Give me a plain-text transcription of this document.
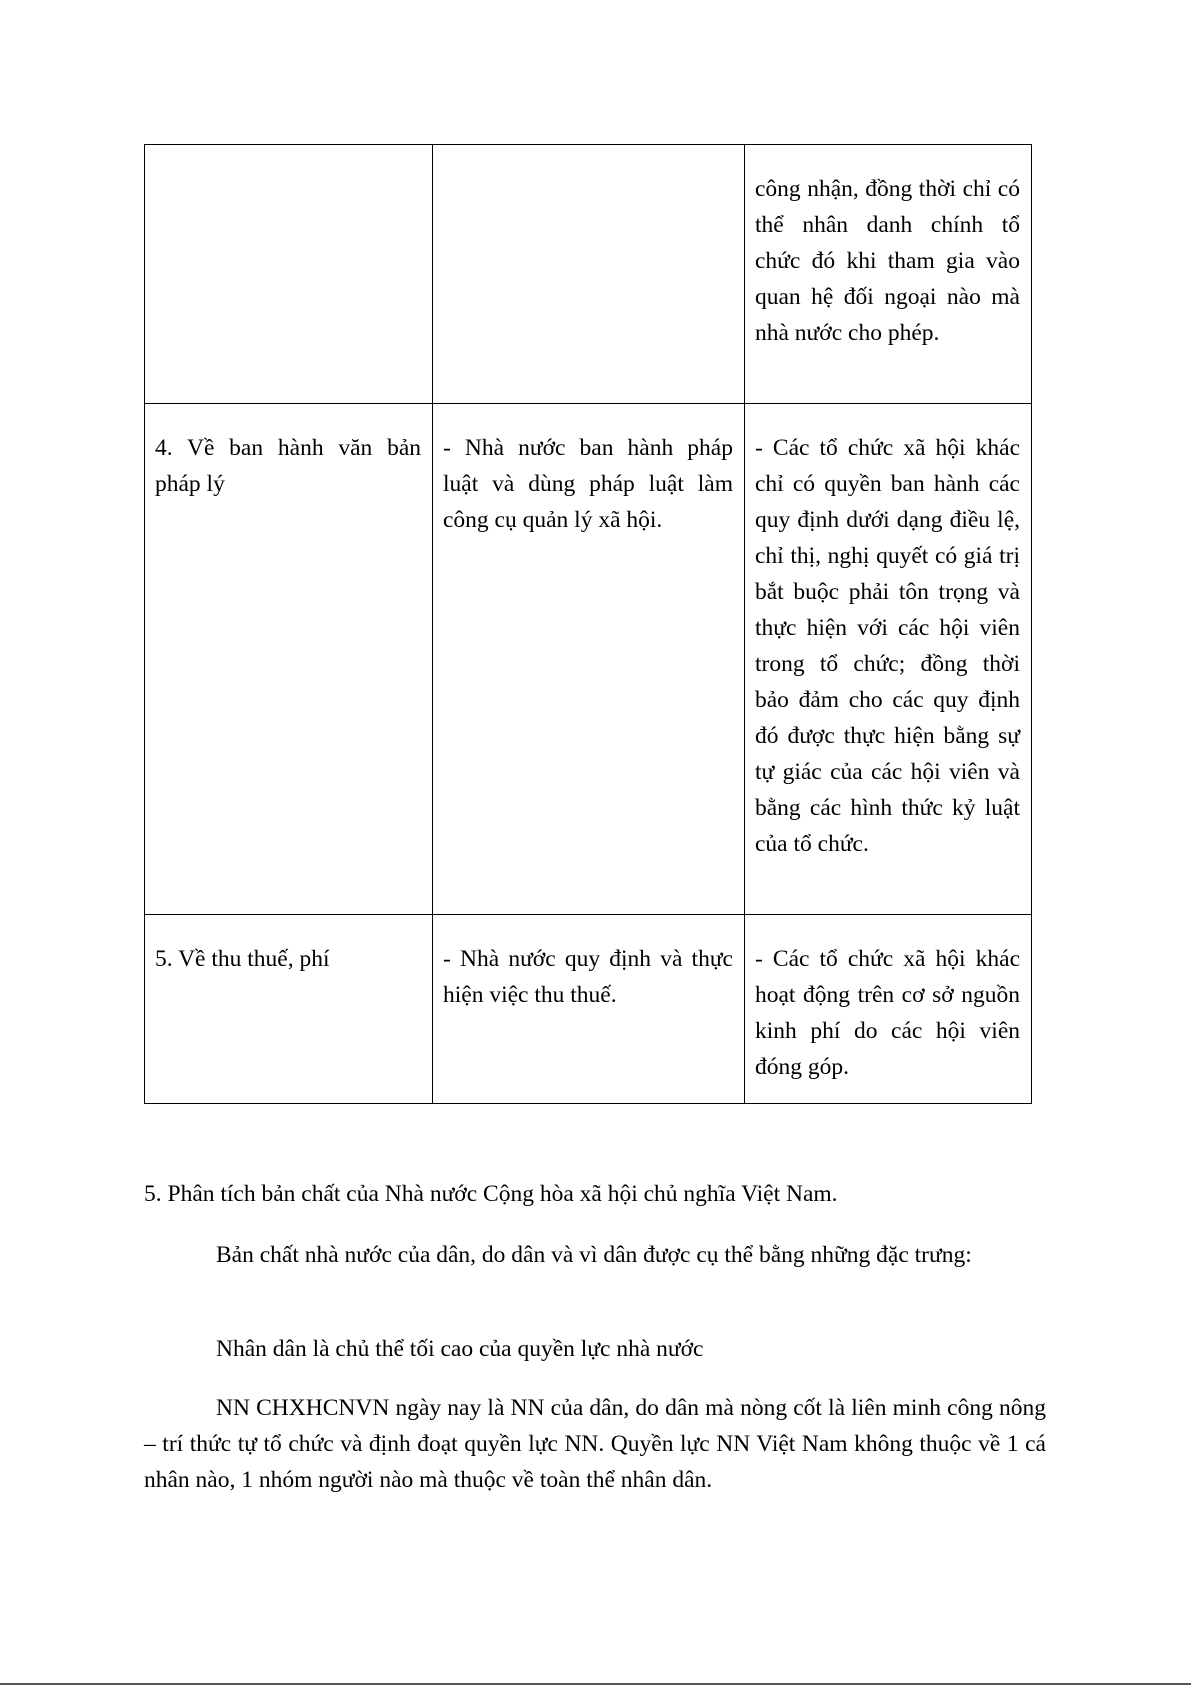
		công nhận, đồng thời chỉ có thể nhân danh chính tổ chức đó khi tham gia vào quan hệ đối ngoại nào mà nhà nước cho phép.
4. Về ban hành văn bản pháp lý	- Nhà nước ban hành pháp luật và dùng pháp luật làm công cụ quản lý xã hội.	- Các tổ chức xã hội khác chỉ có quyền ban hành các quy định dưới dạng điều lệ, chỉ thị, nghị quyết có giá trị bắt buộc phải tôn trọng và thực hiện với các hội viên trong tổ chức; đồng thời bảo đảm cho các quy định đó được thực hiện bằng sự tự giác của các hội viên và bằng các hình thức kỷ luật của tổ chức.
5. Về thu thuế, phí	- Nhà nước quy định và thực hiện việc thu thuế.	- Các tổ chức xã hội khác hoạt động trên cơ sở nguồn kinh phí do các hội viên đóng góp.
5. Phân tích bản chất của Nhà nước Cộng hòa xã hội chủ nghĩa Việt Nam.
Bản chất nhà nước của dân, do dân và vì dân được cụ thể bằng những đặc trưng:
Nhân dân là chủ thể tối cao của quyền lực nhà nước
NN CHXHCNVN ngày nay là NN của dân, do dân mà nòng cốt là liên minh công nông – trí thức tự tổ chức và định đoạt quyền lực NN. Quyền lực NN Việt Nam không thuộc về 1 cá nhân nào, 1 nhóm người nào mà thuộc về toàn thể nhân dân.
